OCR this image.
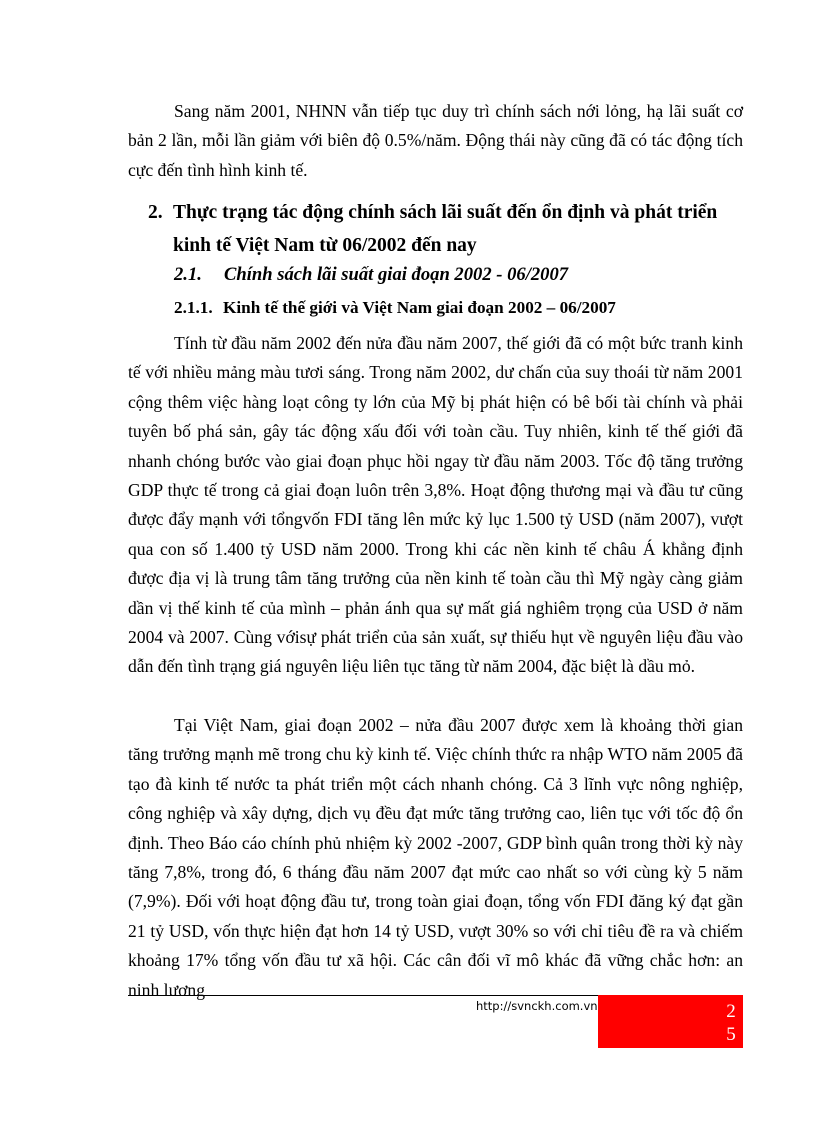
Sang năm 2001, NHNN vẫn tiếp tục duy trì chính sách nới lỏng, hạ lãi suất cơ bản 2 lần, mỗi lần giảm với biên độ 0.5%/năm. Động thái này cũng đã có tác động tích cực đến tình hình kinh tế.

2. Thực trạng tác động chính sách lãi suất đến ổn định và phát triển kinh tế Việt Nam từ 06/2002 đến nay
2.1. Chính sách lãi suất giai đoạn 2002 - 06/2007
2.1.1. Kinh tế thế giới và Việt Nam giai đoạn 2002 – 06/2007

Tính từ đầu năm 2002 đến nửa đầu năm 2007, thế giới đã có một bức tranh kinh tế với nhiều mảng màu tươi sáng. Trong năm 2002, dư chấn của suy thoái từ năm 2001 cộng thêm việc hàng loạt công ty lớn của Mỹ bị phát hiện có bê bối tài chính và phải tuyên bố phá sản, gây tác động xấu đối với toàn cầu. Tuy nhiên, kinh tế thế giới đã nhanh chóng bước vào giai đoạn phục hồi ngay từ đầu năm 2003. Tốc độ tăng trưởng GDP thực tế trong cả giai đoạn luôn trên 3,8%. Hoạt động thương mại và đầu tư cũng được đẩy mạnh với tổngvốn FDI tăng lên mức kỷ lục 1.500 tỷ USD (năm 2007), vượt qua con số 1.400 tỷ USD năm 2000. Trong khi các nền kinh tế châu Á khẳng định được địa vị là trung tâm tăng trưởng của nền kinh tế toàn cầu thì Mỹ ngày càng giảm dần vị thế kinh tế của mình – phản ánh qua sự mất giá nghiêm trọng của USD ở năm 2004 và 2007. Cùng vớisự phát triển của sản xuất, sự thiếu hụt về nguyên liệu đầu vào dẫn đến tình trạng giá nguyên liệu liên tục tăng từ năm 2004, đặc biệt là dầu mỏ.

Tại Việt Nam, giai đoạn 2002 – nửa đầu 2007 được xem là khoảng thời gian tăng trưởng mạnh mẽ trong chu kỳ kinh tế. Việc chính thức ra nhập WTO năm 2005 đã tạo đà kinh tế nước ta phát triển một cách nhanh chóng. Cả 3 lĩnh vực nông nghiệp, công nghiệp và xây dựng, dịch vụ đều đạt mức tăng trưởng cao, liên tục với tốc độ ổn định. Theo Báo cáo chính phủ nhiệm kỳ 2002 -2007, GDP bình quân trong thời kỳ này tăng 7,8%, trong đó, 6 tháng đầu năm 2007 đạt mức cao nhất so với cùng kỳ 5 năm (7,9%). Đối với hoạt động đầu tư, trong toàn giai đoạn, tổng vốn FDI đăng ký đạt gần 21 tỷ USD, vốn thực hiện đạt hơn 14 tỷ USD, vượt 30% so với chỉ tiêu đề ra và chiếm khoảng 17% tổng vốn đầu tư xã hội. Các cân đối vĩ mô khác đã vững chắc hơn: an ninh lương

http://svnckh.com.vn	2
5
